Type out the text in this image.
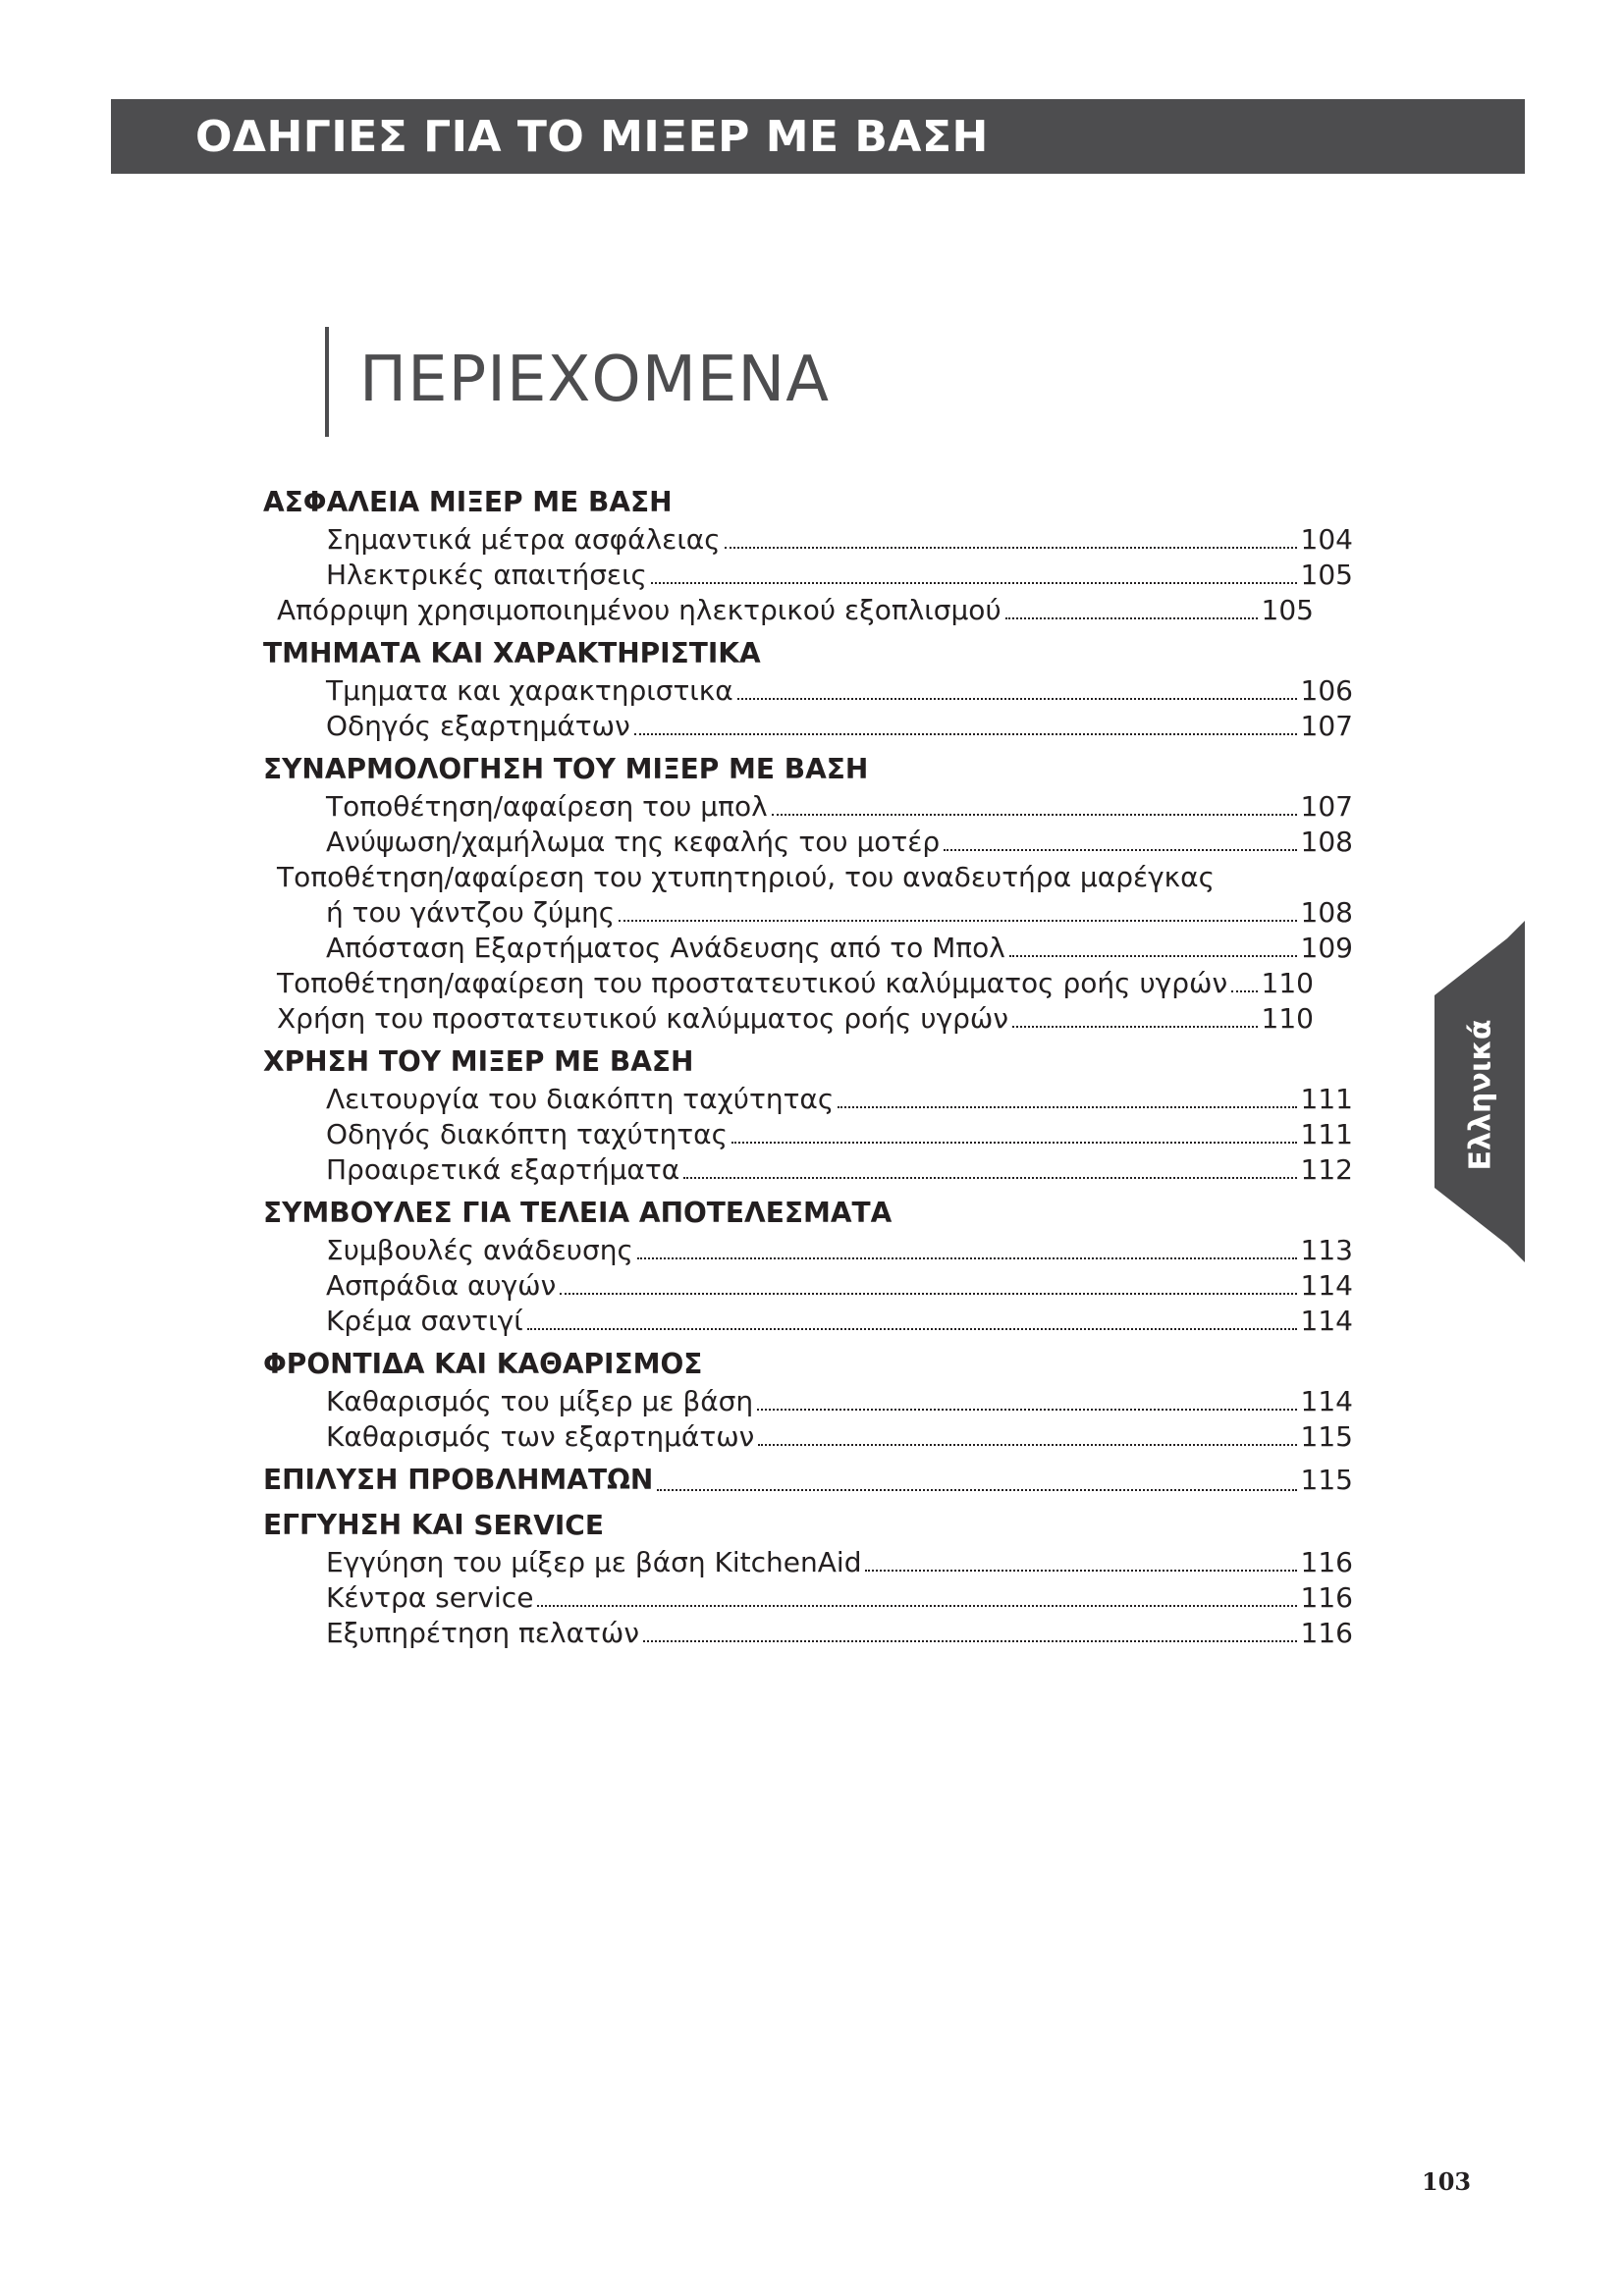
ΟΔΗΓΙΕΣ ΓΙΑ ΤΟ ΜΙΞΕΡ ΜΕ ΒΑΣΗ
ΠΕΡΙΕΧΟΜΕΝΑ
ΑΣΦΑΛΕΙΑ ΜΙΞΕΡ ΜΕ ΒΑΣΗ
Σημαντικά μέτρα ασφάλειας	104
Ηλεκτρικές απαιτήσεις	105
Απόρριψη χρησιμοποιημένου ηλεκτρικού εξοπλισμού	105
ΤΜΗΜΑΤΑ ΚΑΙ ΧΑΡΑΚΤΗΡΙΣΤΙΚΑ
Τμηματα και χαρακτηριστικα	106
Οδηγός εξαρτημάτων	107
ΣΥΝΑΡΜΟΛΟΓΗΣΗ ΤΟΥ ΜΙΞΕΡ ΜΕ ΒΑΣΗ
Τοποθέτηση/αφαίρεση του μπολ	107
Ανύψωση/χαμήλωμα της κεφαλής του μοτέρ	108
Τοποθέτηση/αφαίρεση του χτυπητηριού, του αναδευτήρα μαρέγκας
ή του γάντζου ζύμης	108
Απόσταση Εξαρτήματος Ανάδευσης από το Μπολ	109
Τοποθέτηση/αφαίρεση του προστατευτικού καλύμματος ροής υγρών 110
Χρήση του προστατευτικού καλύμματος ροής υγρών	110
ΧΡΗΣΗ ΤΟΥ ΜΙΞΕΡ ΜΕ ΒΑΣΗ
Λειτουργία του διακόπτη ταχύτητας	111
Οδηγός διακόπτη ταχύτητας	111
Προαιρετικά εξαρτήματα	112
ΣΥΜΒΟΥΛΕΣ ΓΙΑ ΤΕΛΕΙΑ ΑΠΟΤΕΛΕΣΜΑΤΑ
Συμβουλές ανάδευσης	113
Ασπράδια αυγών	114
Κρέμα σαντιγί	114
ΦΡΟΝΤΙΔΑ ΚΑΙ ΚΑΘΑΡΙΣΜΟΣ
Καθαρισμός του μίξερ με βάση	114
Καθαρισμός των εξαρτημάτων	115
ΕΠΙΛΥΣΗ ΠΡΟΒΛΗΜΑΤΩΝ	115
ΕΓΓΥΗΣΗ ΚΑΙ SERVICE
Εγγύηση του μίξερ με βάση KitchenAid	116
Κέντρα service	116
Εξυπηρέτηση πελατών	116
Ελληνικά
103
